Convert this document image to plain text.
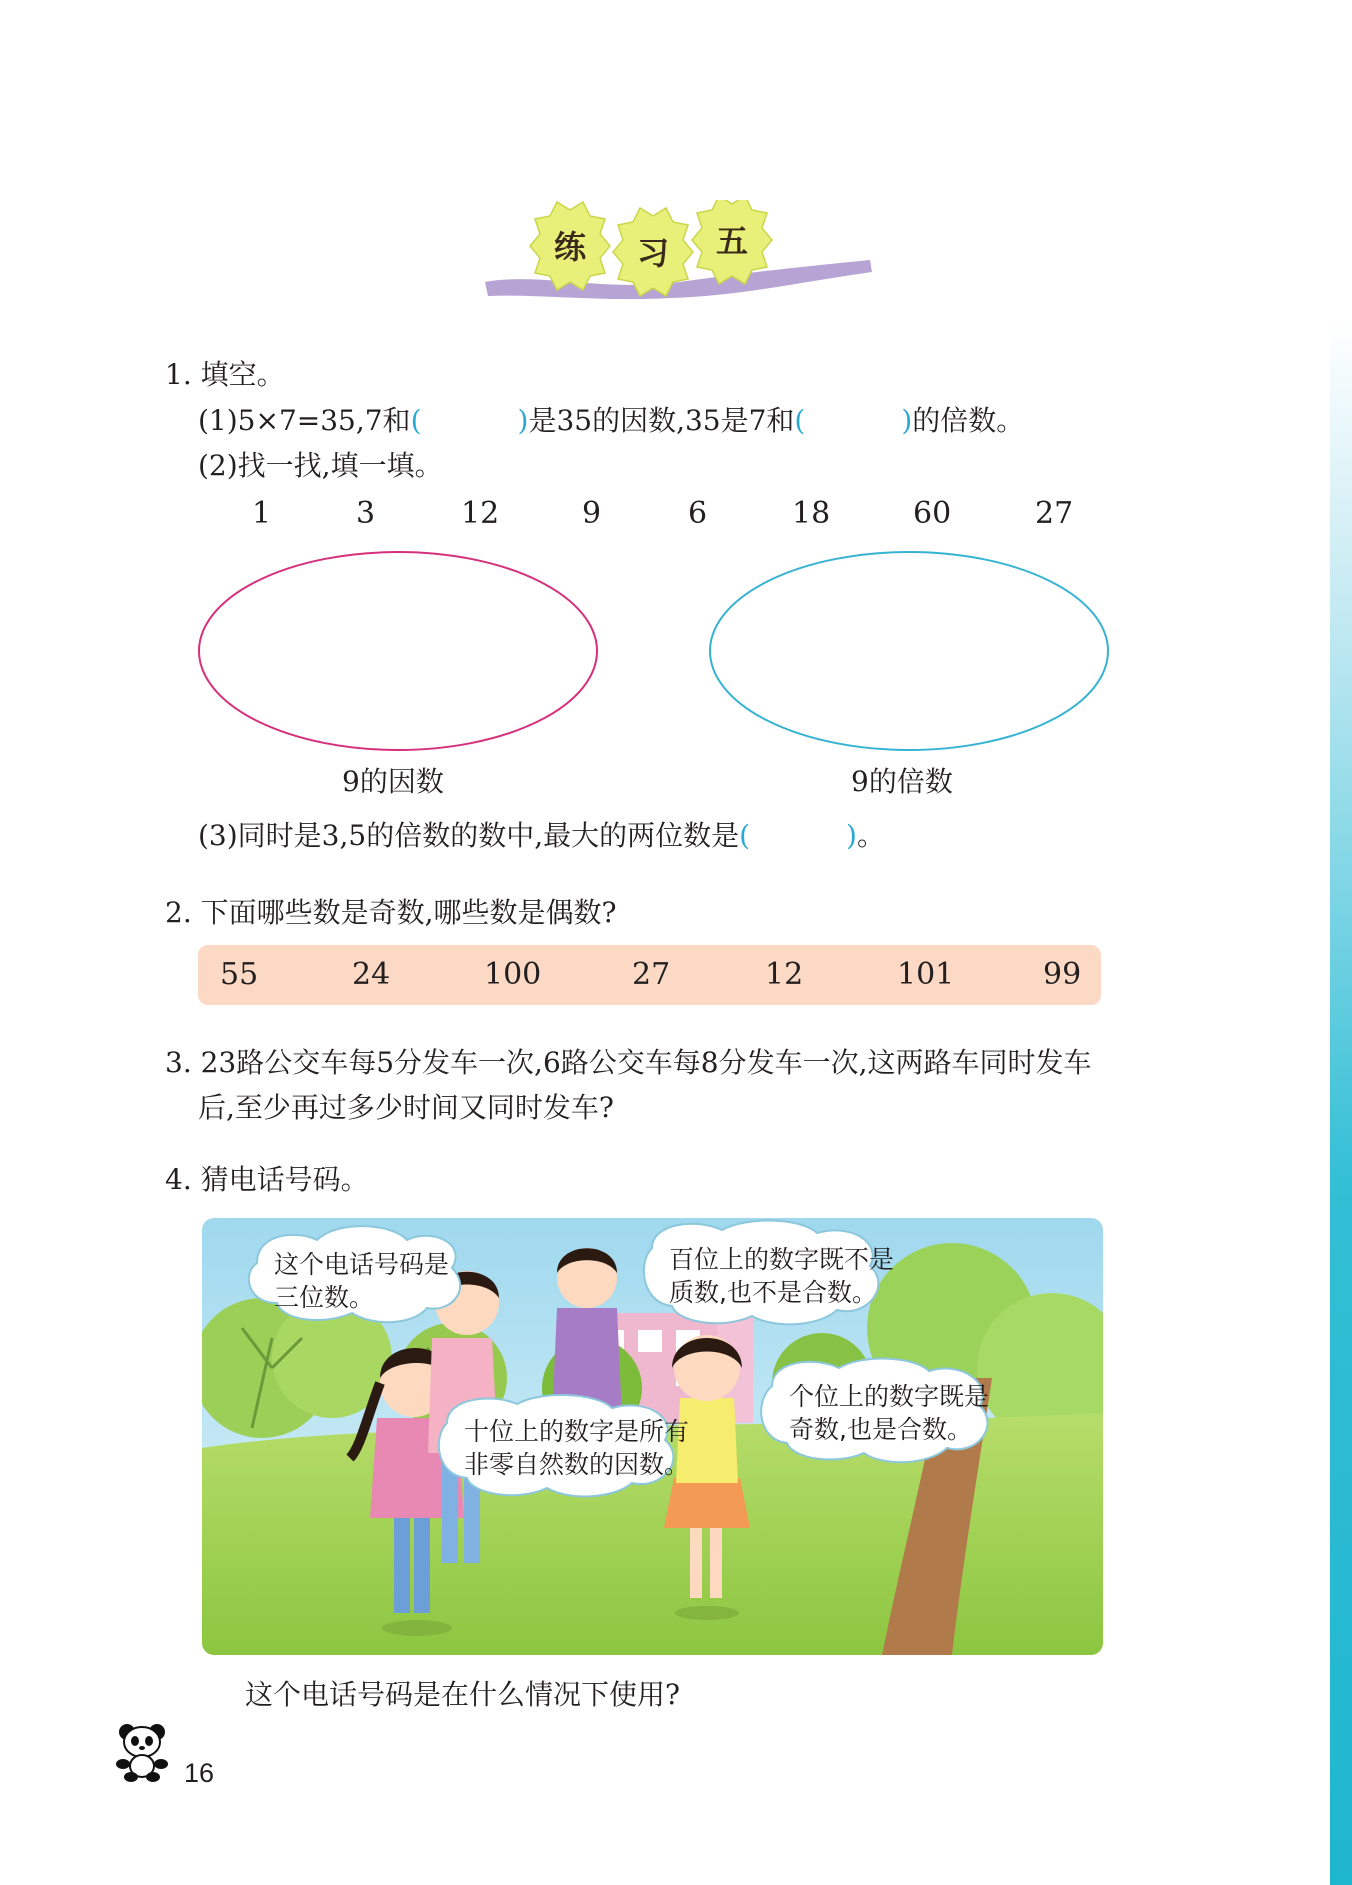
练 习 五
1. 填空。
(1)5×7=35,7和(	)是35的因数,35是7和(	)的倍数。
(2)找一找,填一填。
1	3	12	9	6	18	60	27
9的因数	9的倍数
(3)同时是3,5的倍数的数中,最大的两位数是(	)。
2. 下面哪些数是奇数,哪些数是偶数?
55	24	100	27	12	101	99
3. 23路公交车每5分发车一次,6路公交车每8分发车一次,这两路车同时发车
后,至少再过多少时间又同时发车?
4. 猜电话号码。
这个电话号码是
三位数。
百位上的数字既不是
质数,也不是合数。
十位上的数字是所有
非零自然数的因数。
个位上的数字既是
奇数,也是合数。
这个电话号码是在什么情况下使用?
16
